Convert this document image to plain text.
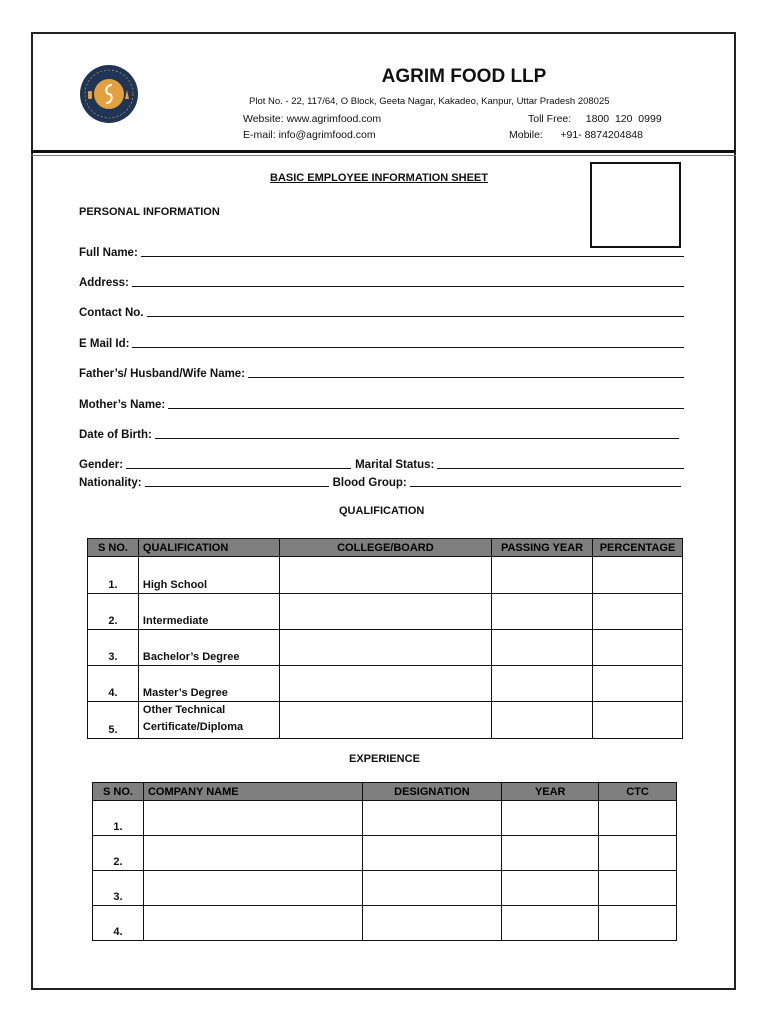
AGRIM FOOD LLP
Plot No. - 22, 117/64, O Block, Geeta Nagar, Kakadeo, Kanpur, Uttar Pradesh 208025
Website: www.agrimfood.com
E-mail: info@agrimfood.com
Toll Free:     1800  120  0999
Mobile:      +91- 8874204848
BASIC EMPLOYEE INFORMATION SHEET
PERSONAL INFORMATION
Full Name:
Address:
Contact No.
E Mail Id:
Father’s/ Husband/Wife Name:
Mother’s Name:
Date of Birth:
Gender:	Marital Status:
Nationality:	Blood Group:
QUALIFICATION
S NO.	QUALIFICATION	COLLEGE/BOARD	PASSING YEAR	PERCENTAGE
1.	High School			
2.	Intermediate			
3.	Bachelor’s Degree			
4.	Master’s Degree			
5.	Other Technical Certificate/Diploma			
EXPERIENCE
S NO.	COMPANY NAME	DESIGNATION	YEAR	CTC
1.				
2.				
3.				
4.				
